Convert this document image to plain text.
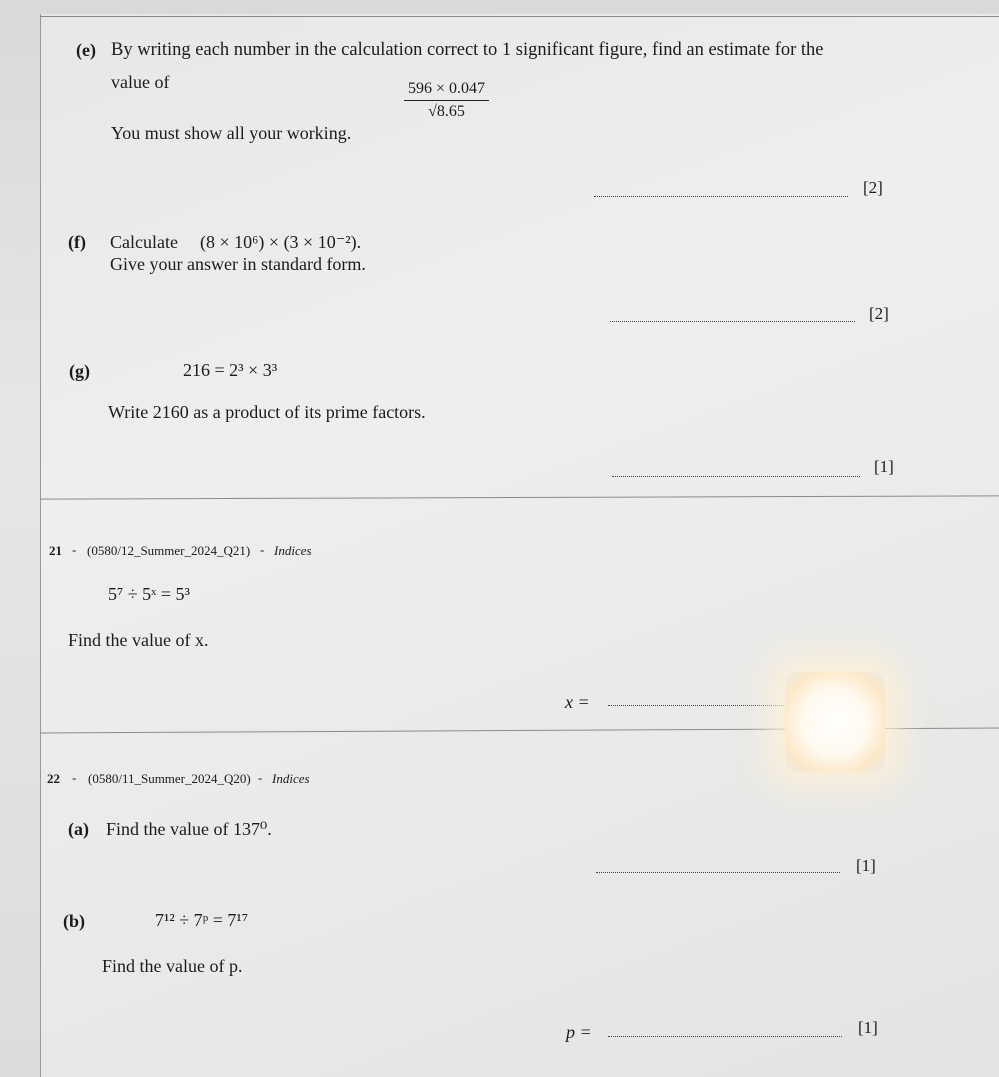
(e) By writing each number in the calculation correct to 1 significant figure, find an estimate for the
value of	$\frac{596 \times 0.047}{√8.65}$
You must show all your working.
[2]
(f) Calculate (8 × 10⁶) × (3 × 10⁻²).
Give your answer in standard form.
[2]
(g)	216 = 2³ × 3³
Write 2160 as a product of its prime factors.
[1]
21 - (0580/12_Summer_2024_Q21) - Indices
5⁷ ÷ 5ˣ = 5³
Find the value of x.
x =
22 - (0580/11_Summer_2024_Q20) - Indices
(a) Find the value of 137⁰.
[1]
(b)	7¹² ÷ 7ᵖ = 7¹⁷
Find the value of p.
p =	[1]
